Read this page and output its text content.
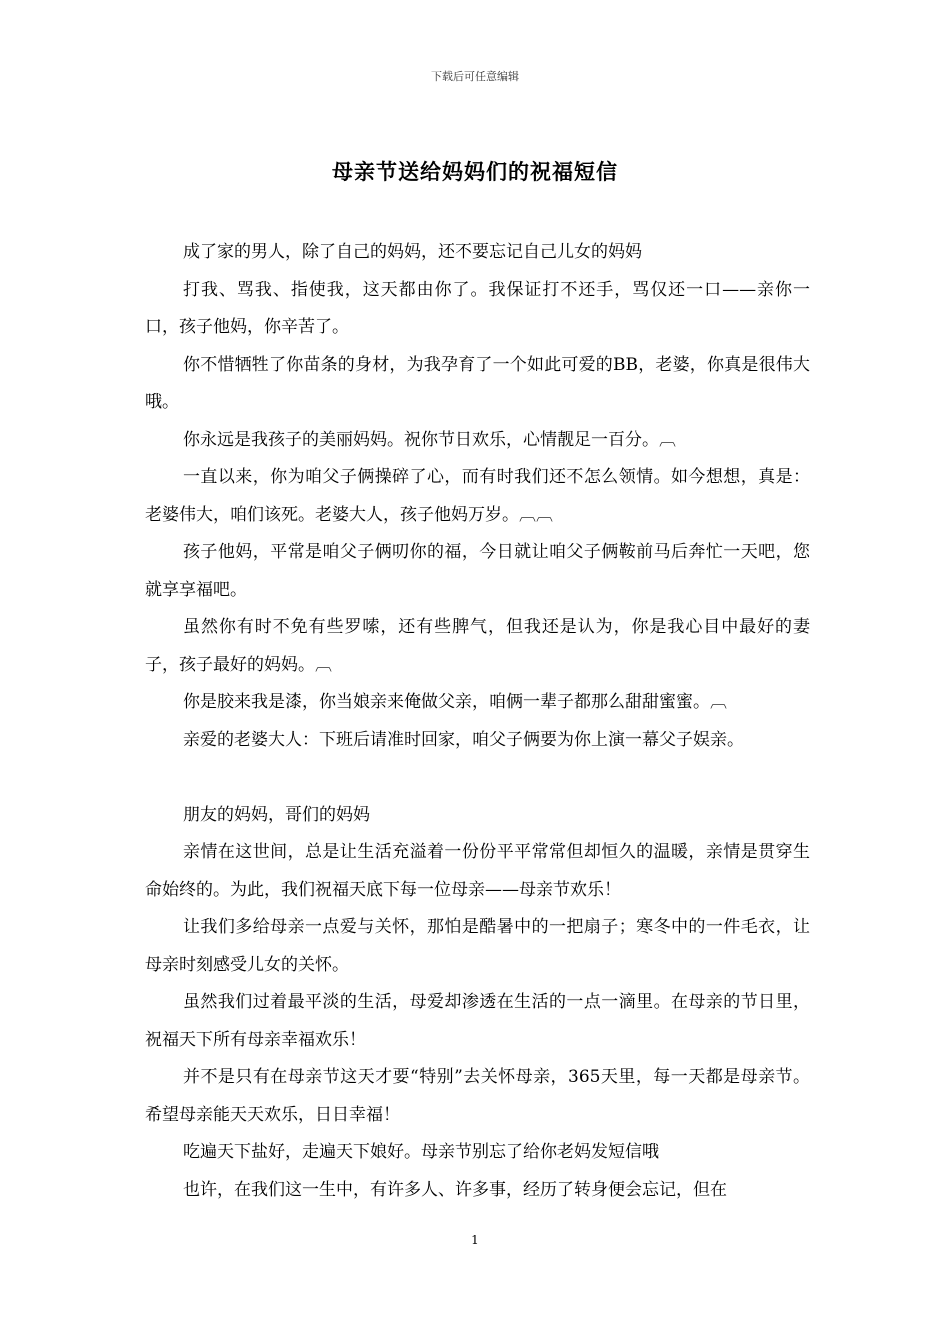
下载后可任意编辑
母亲节送给妈妈们的祝福短信

成了家的男人，除了自己的妈妈，还不要忘记自己儿女的妈妈

打我、骂我、指使我，这天都由你了。我保证打不还手，骂仅还一口——亲你一口，孩子他妈，你辛苦了。

你不惜牺牲了你苗条的身材，为我孕育了一个如此可爱的BB，老婆，你真是很伟大哦。

你永远是我孩子的美丽妈妈。祝你节日欢乐，心情靓足一百分。︹

一直以来，你为咱父子俩操碎了心，而有时我们还不怎么领情。如今想想，真是：老婆伟大，咱们该死。老婆大人，孩子他妈万岁。︹︹

孩子他妈，平常是咱父子俩叨你的福，今日就让咱父子俩鞍前马后奔忙一天吧，您就享享福吧。

虽然你有时不免有些罗嗦，还有些脾气，但我还是认为，你是我心目中最好的妻子，孩子最好的妈妈。︹

你是胶来我是漆，你当娘亲来俺做父亲，咱俩一辈子都那么甜甜蜜蜜。︹

亲爱的老婆大人：下班后请准时回家，咱父子俩要为你上演一幕父子娱亲。

朋友的妈妈，哥们的妈妈

亲情在这世间，总是让生活充溢着一份份平平常常但却恒久的温暖，亲情是贯穿生命始终的。为此，我们祝福天底下每一位母亲——母亲节欢乐！

让我们多给母亲一点爱与关怀，那怕是酷暑中的一把扇子；寒冬中的一件毛衣，让母亲时刻感受儿女的关怀。

虽然我们过着最平淡的生活，母爱却渗透在生活的一点一滴里。在母亲的节日里，祝福天下所有母亲幸福欢乐！

并不是只有在母亲节这天才要“特别”去关怀母亲，365天里，每一天都是母亲节。希望母亲能天天欢乐，日日幸福！

吃遍天下盐好，走遍天下娘好。母亲节别忘了给你老妈发短信哦

也许，在我们这一生中，有许多人、许多事，经历了转身便会忘记，但在

1
